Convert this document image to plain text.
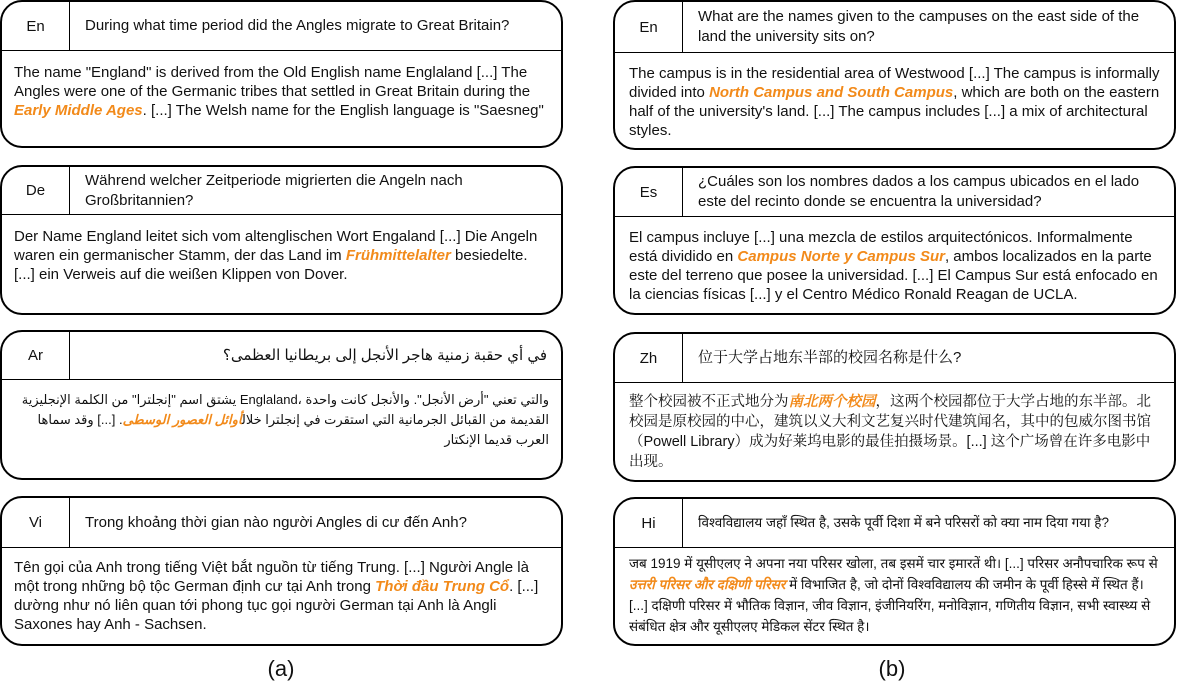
En	During what time period did the Angles migrate to Great Britain?
The name "England" is derived from the Old English name Englaland [...] The Angles were one of the Germanic tribes that settled in Great Britain during the Early Middle Ages. [...] The Welsh name for the English language is "Saesneg"
De
Während welcher Zeitperiode migrierten die Angeln nach Großbritannien?
Der Name England leitet sich vom altenglischen Wort Engaland [...] Die Angeln waren ein germanischer Stamm, der das Land im Frühmittelalter besiedelte. [...] ein Verweis auf die weißen Klippen von Dover.
Ar	في أي حقبة زمنية هاجر الأنجل إلى بريطانيا العظمى؟
والتي تعني "أرض الأنجل". والأنجل كانت واحدة ،Englaland يشتق اسم "إنجلترا" من الكلمة الإنجليزية القديمة من القبائل الجرمانية التي استقرت في إنجلترا خلالأوائل العصور الوسطى. [...] وقد سماها العرب قديما الإنكتار
Vi	Trong khoảng thời gian nào người Angles di cư đến Anh?
Tên gọi của Anh trong tiếng Việt bắt nguồn từ tiếng Trung. [...] Người Angle là một trong những bộ tộc German định cư tại Anh trong Thời đầu Trung Cổ. [...] dường như nó liên quan tới phong tục gọi người German tại Anh là Angli Saxones hay Anh - Sachsen.
(a)
En
What are the names given to the campuses on the east side of the land the university sits on?
The campus is in the residential area of Westwood [...] The campus is informally divided into North Campus and South Campus, which are both on the eastern half of the university's land. [...] The campus includes [...] a mix of architectural styles.
Es
¿Cuáles son los nombres dados a los campus ubicados en el lado este del recinto donde se encuentra la universidad?
El campus incluye [...] una mezcla de estilos arquitectónicos. Informalmente está dividido en Campus Norte y Campus Sur, ambos localizados en la parte este del terreno que posee la universidad. [...] El Campus Sur está enfocado en la ciencias físicas [...] y el Centro Médico Ronald Reagan de UCLA.
Zh	位于大学占地东半部的校园名称是什么?
整个校园被不正式地分为南北两个校园，这两个校园都位于大学占地的东半部。北校园是原校园的中心，建筑以义大利文艺复兴时代建筑闻名，其中的包威尔图书馆（Powell Library）成为好莱坞电影的最佳拍摄场景。[...] 这个广场曾在许多电影中出现。
Hi	विश्वविद्यालय जहाँ स्थित है, उसके पूर्वी दिशा में बने परिसरों को क्या नाम दिया गया है?
जब 1919 में यूसीएलए ने अपना नया परिसर खोला, तब इसमें चार इमारतें थी। [...] परिसर अनौपचारिक रूप से उत्तरी परिसर और दक्षिणी परिसर में विभाजित है, जो दोनों विश्वविद्यालय की जमीन के पूर्वी हिस्से में स्थित हैं। [...] दक्षिणी परिसर में भौतिक विज्ञान, जीव विज्ञान, इंजीनियरिंग, मनोविज्ञान, गणितीय विज्ञान, सभी स्वास्थ्य से संबंधित क्षेत्र और यूसीएलए मेडिकल सेंटर स्थित है।
(b)
